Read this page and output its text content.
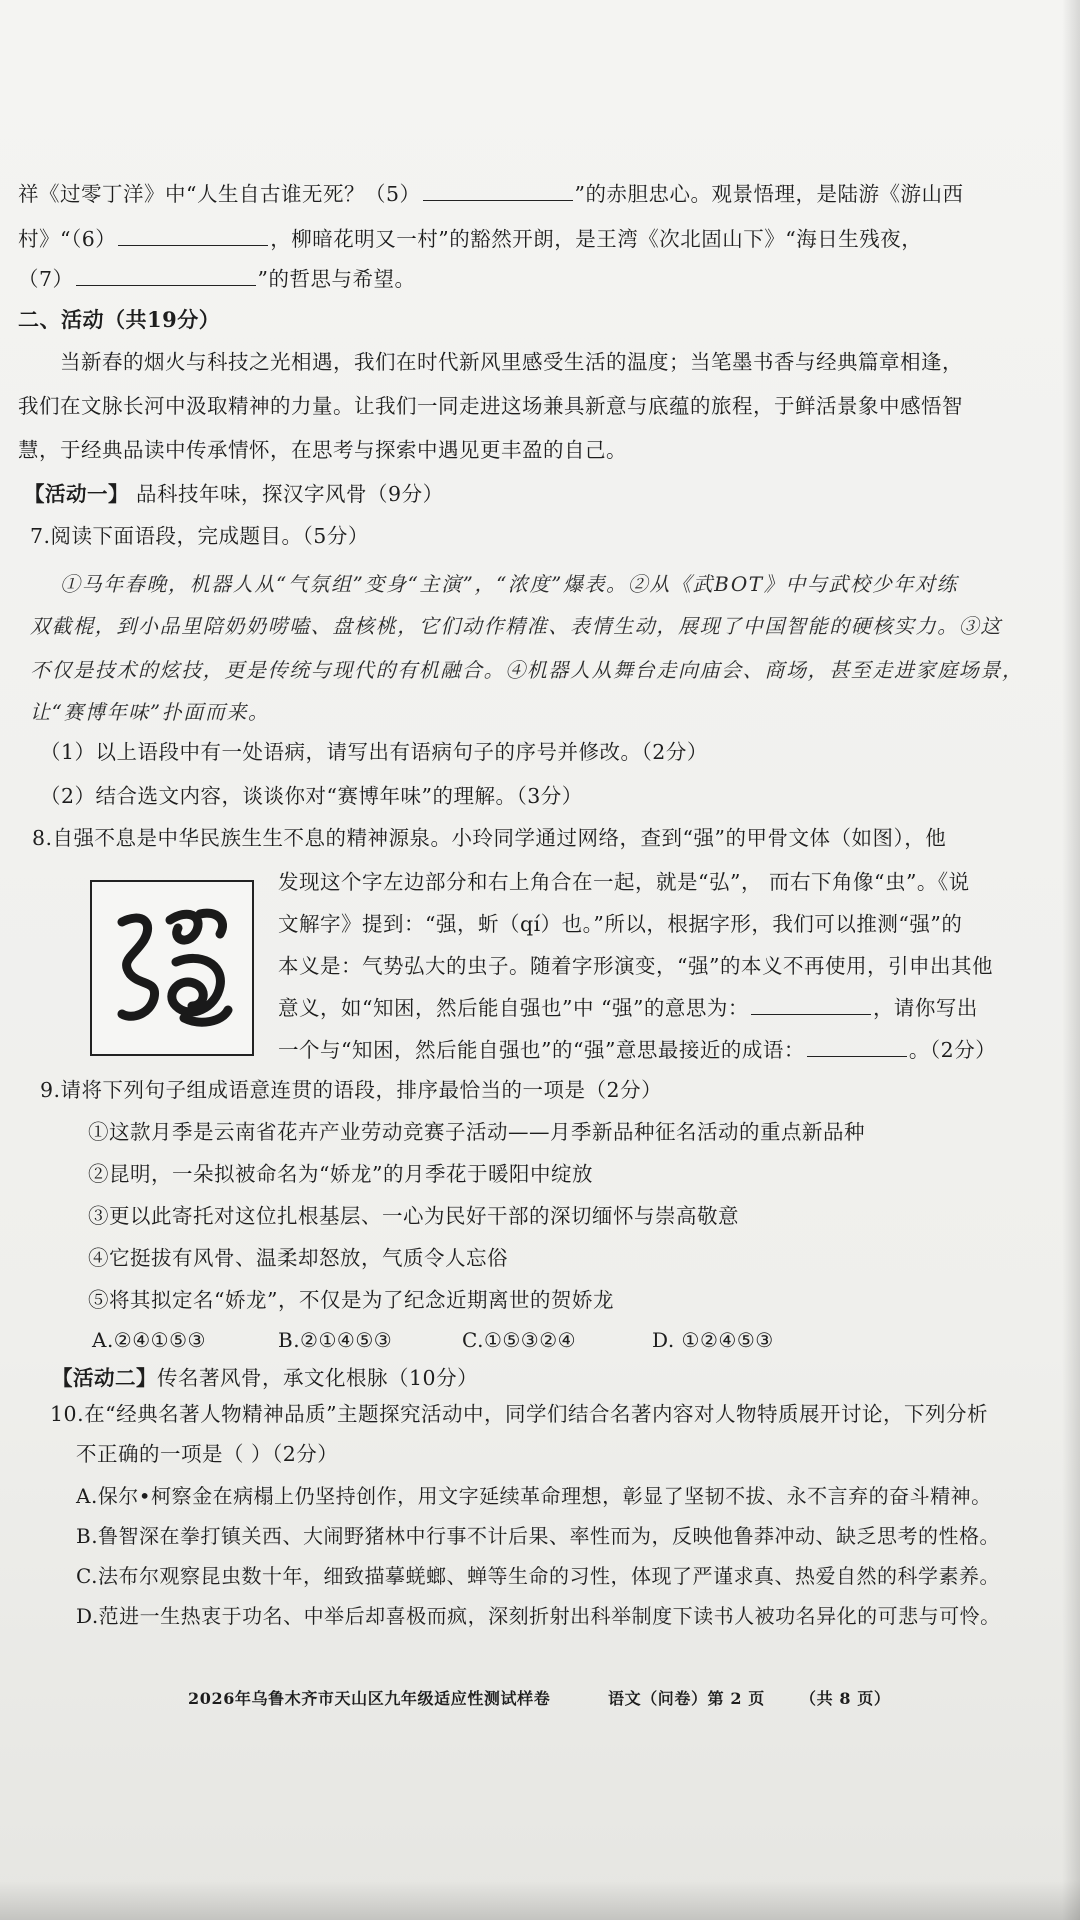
祥《过零丁洋》中“人生自古谁无死？（5）	”的赤胆忠心。观景悟理，是陆游《游山西
村》“（6）	，柳暗花明又一村”的豁然开朗，是王湾《次北固山下》“海日生残夜，
（7）	”的哲思与希望。
二、活动（共19分）
当新春的烟火与科技之光相遇，我们在时代新风里感受生活的温度；当笔墨书香与经典篇章相逢，
我们在文脉长河中汲取精神的力量。让我们一同走进这场兼具新意与底蕴的旅程，于鲜活景象中感悟智
慧，于经典品读中传承情怀，在思考与探索中遇见更丰盈的自己。
【活动一】 品科技年味，探汉字风骨（9分）
7.阅读下面语段，完成题目。（5分）
①马年春晚，机器人从“气氛组”变身“主演”，“浓度”爆表。②从《武BOT》中与武校少年对练
双截棍，到小品里陪奶奶唠嗑、盘核桃，它们动作精准、表情生动，展现了中国智能的硬核实力。③这
不仅是技术的炫技，更是传统与现代的有机融合。④机器人从舞台走向庙会、商场，甚至走进家庭场景，
让“赛博年味”扑面而来。
（1）以上语段中有一处语病，请写出有语病句子的序号并修改。（2分）
（2）结合选文内容，谈谈你对“赛博年味”的理解。（3分）
8.自强不息是中华民族生生不息的精神源泉。小玲同学通过网络，查到“强”的甲骨文体（如图），他
发现这个字左边部分和右上角合在一起，就是“弘”， 而右下角像“虫”。《说
文解字》提到：“强，蚚（qí）也。”所以，根据字形，我们可以推测“强”的
本义是：气势弘大的虫子。随着字形演变，“强”的本义不再使用，引申出其他
意义，如“知困，然后能自强也”中 “强”的意思为：	，请你写出
一个与“知困，然后能自强也”的“强”意思最接近的成语：	。（2分）
9.请将下列句子组成语意连贯的语段，排序最恰当的一项是（2分）
①这款月季是云南省花卉产业劳动竞赛子活动——月季新品种征名活动的重点新品种
②昆明，一朵拟被命名为“娇龙”的月季花于暖阳中绽放
③更以此寄托对这位扎根基层、一心为民好干部的深切缅怀与崇高敬意
④它挺拔有风骨、温柔却怒放，气质令人忘俗
⑤将其拟定名“娇龙”，不仅是为了纪念近期离世的贺娇龙
A.②④①⑤③	B.②①④⑤③	C.①⑤③②④	D. ①②④⑤③
【活动二】传名著风骨，承文化根脉（10分）
10.在“经典名著人物精神品质”主题探究活动中，同学们结合名著内容对人物特质展开讨论，下列分析
不正确的一项是（ ）（2分）
A.保尔•柯察金在病榻上仍坚持创作，用文字延续革命理想，彰显了坚韧不拔、永不言弃的奋斗精神。
B.鲁智深在拳打镇关西、大闹野猪林中行事不计后果、率性而为，反映他鲁莽冲动、缺乏思考的性格。
C.法布尔观察昆虫数十年，细致描摹蜣螂、蝉等生命的习性，体现了严谨求真、热爱自然的科学素养。
D.范进一生热衷于功名、中举后却喜极而疯，深刻折射出科举制度下读书人被功名异化的可悲与可怜。
2026年乌鲁木齐市天山区九年级适应性测试样卷	语文（问卷）第 2 页 （共 8 页）
